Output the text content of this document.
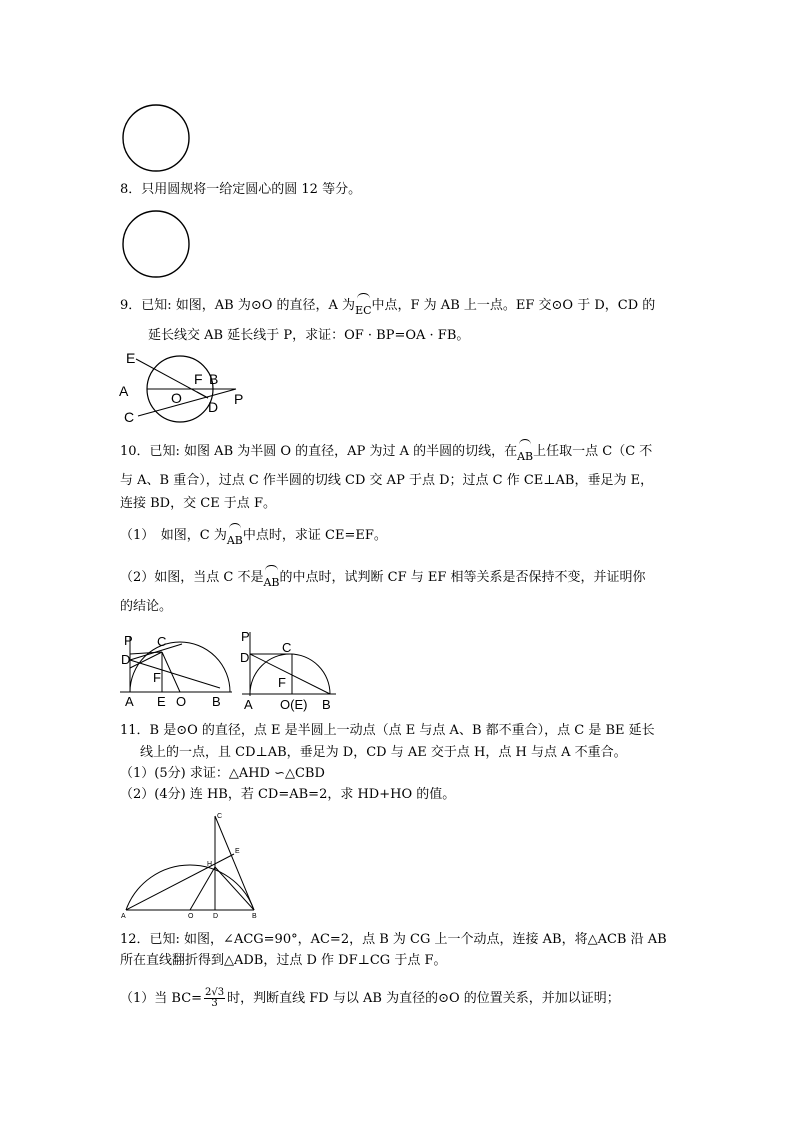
8．只用圆规将一给定圆心的圆 12 等分。
9．已知: 如图，AB 为⊙O 的直径，A 为EC中点，F 为 AB 上一点。EF 交⊙O 于 D，CD 的
延长线交 AB 延长线于 P，求证：OF · BP=OA · FB。
E
A
C
F B
O
D P
10．已知: 如图 AB 为半圆 O 的直径，AP 为过 A 的半圆的切线，在AB上任取一点 C（C 不
与 A、B 重合），过点 C 作半圆的切线 CD 交 AP 于点 D；过点 C 作 CE⊥AB，垂足为 E，
连接 BD，交 CE 于点 F。
（1）　如图，C 为AB中点时，求证 CE=EF。
（2）如图，当点 C 不是AB的中点时，试判断 CF 与 EF 相等关系是否保持不变，并证明你
的结论。
P C
D
F
A E O B
P
C
D
F
A O(E) B
11．B 是⊙O 的直径，点 E 是半圆上一动点（点 E 与点 A、B 都不重合），点 C 是 BE 延长
线上的一点，且 CD⊥AB，垂足为 D，CD 与 AE 交于点 H，点 H 与点 A 不重合。
（1）(5分) 求证：△AHD ∽△CBD
（2）(4分) 连 HB，若 CD=AB=2，求 HD+HO 的值。
C
E
H
A	O	D	B
12．已知: 如图，∠ACG=90°，AC=2，点 B 为 CG 上一个动点，连接 AB，将△ACB 沿 AB
所在直线翻折得到△ADB，过点 D 作 DF⊥CG 于点 F。
（1）当 $BC= \frac{2√3}{3}$ 时，判断直线 FD 与以 AB 为直径的⊙O 的位置关系，并加以证明；
